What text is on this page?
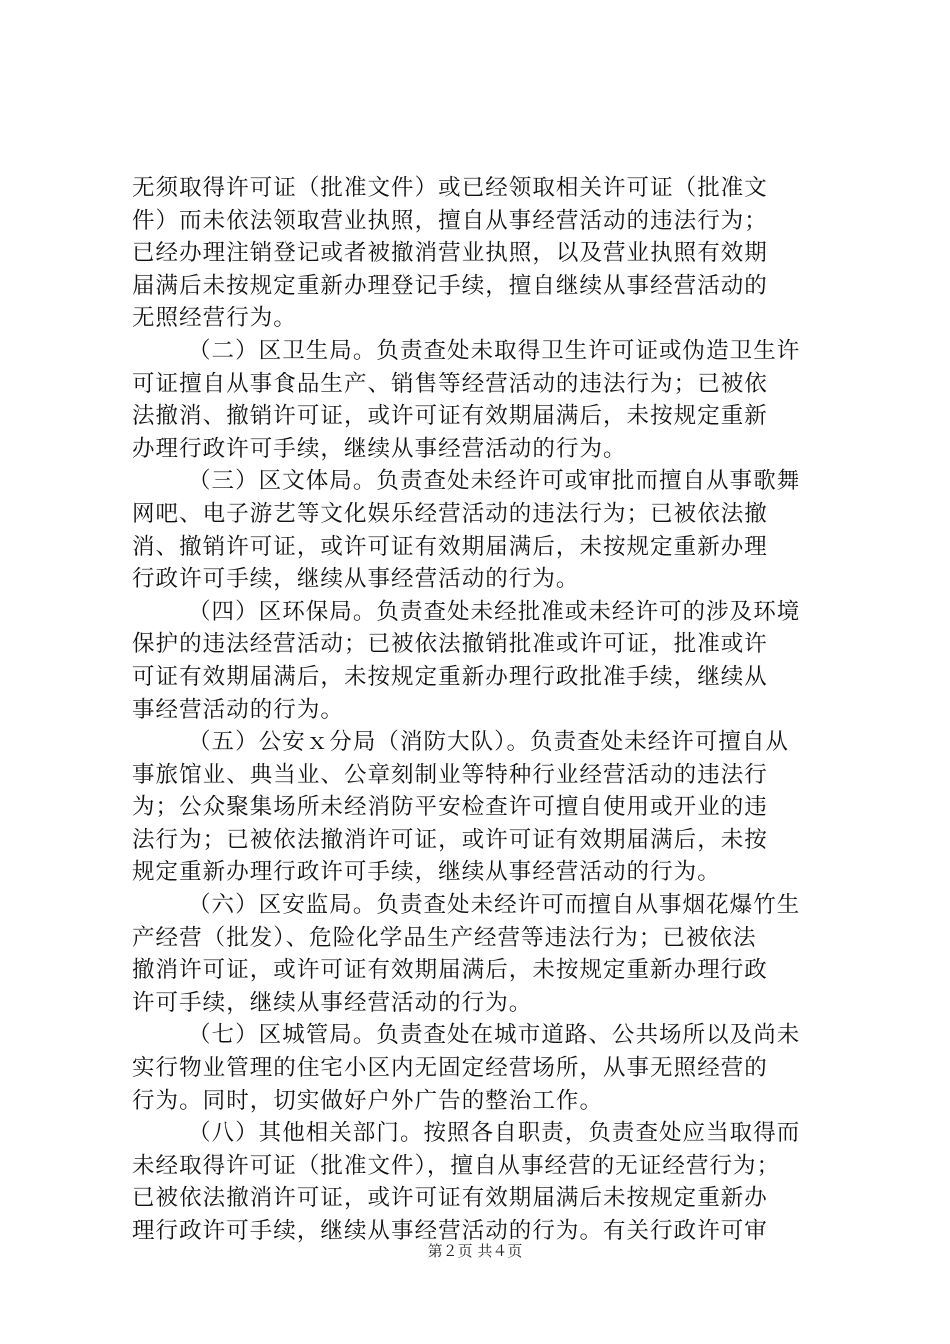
无须取得许可证（批准文件）或已经领取相关许可证（批准文
件）而未依法领取营业执照，擅自从事经营活动的违法行为；
已经办理注销登记或者被撤消营业执照，以及营业执照有效期
届满后未按规定重新办理登记手续，擅自继续从事经营活动的
无照经营行为。
（二）区卫生局。负责查处未取得卫生许可证或伪造卫生许
可证擅自从事食品生产、销售等经营活动的违法行为；已被依
法撤消、撤销许可证，或许可证有效期届满后，未按规定重新
办理行政许可手续，继续从事经营活动的行为。
（三）区文体局。负责查处未经许可或审批而擅自从事歌舞
网吧、电子游艺等文化娱乐经营活动的违法行为；已被依法撤
消、撤销许可证，或许可证有效期届满后，未按规定重新办理
行政许可手续，继续从事经营活动的行为。
（四）区环保局。负责查处未经批准或未经许可的涉及环境
保护的违法经营活动；已被依法撤销批准或许可证，批准或许
可证有效期届满后，未按规定重新办理行政批准手续，继续从
事经营活动的行为。
（五）公安ｘ分局（消防大队）。负责查处未经许可擅自从
事旅馆业、典当业、公章刻制业等特种行业经营活动的违法行
为；公众聚集场所未经消防平安检查许可擅自使用或开业的违
法行为；已被依法撤消许可证，或许可证有效期届满后，未按
规定重新办理行政许可手续，继续从事经营活动的行为。
（六）区安监局。负责查处未经许可而擅自从事烟花爆竹生
产经营（批发）、危险化学品生产经营等违法行为；已被依法
撤消许可证，或许可证有效期届满后，未按规定重新办理行政
许可手续，继续从事经营活动的行为。
（七）区城管局。负责查处在城市道路、公共场所以及尚未
实行物业管理的住宅小区内无固定经营场所，从事无照经营的
行为。同时，切实做好户外广告的整治工作。
（八）其他相关部门。按照各自职责，负责查处应当取得而
未经取得许可证（批准文件），擅自从事经营的无证经营行为；
已被依法撤消许可证，或许可证有效期届满后未按规定重新办
理行政许可手续，继续从事经营活动的行为。有关行政许可审
第２页 共４页
